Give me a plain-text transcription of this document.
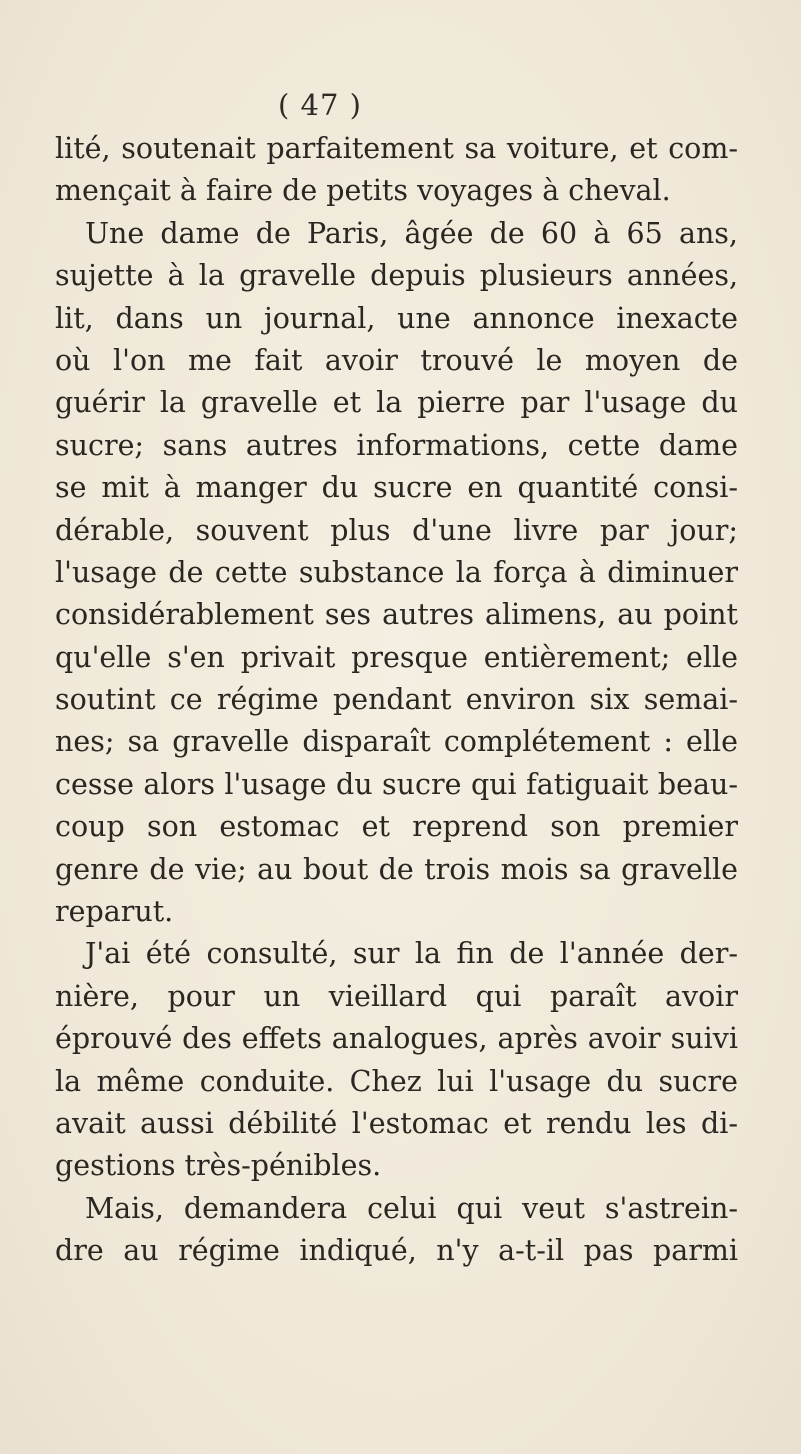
( 47 )
lité, soutenait parfaitement sa voiture, et com-
mençait à faire de petits voyages à cheval.
Une dame de Paris, âgée de 60 à 65 ans,
sujette à la gravelle depuis plusieurs années,
lit, dans un journal, une annonce inexacte
où l'on me fait avoir trouvé le moyen de
guérir la gravelle et la pierre par l'usage du
sucre; sans autres informations, cette dame
se mit à manger du sucre en quantité consi-
dérable, souvent plus d'une livre par jour;
l'usage de cette substance la força à diminuer
considérablement ses autres alimens, au point
qu'elle s'en privait presque entièrement; elle
soutint ce régime pendant environ six semai-
nes; sa gravelle disparaît complétement : elle
cesse alors l'usage du sucre qui fatiguait beau-
coup son estomac et reprend son premier
genre de vie; au bout de trois mois sa gravelle
reparut.
J'ai été consulté, sur la fin de l'année der-
nière, pour un vieillard qui paraît avoir
éprouvé des effets analogues, après avoir suivi
la même conduite. Chez lui l'usage du sucre
avait aussi débilité l'estomac et rendu les di-
gestions très-pénibles.
Mais, demandera celui qui veut s'astrein-
dre au régime indiqué, n'y a-t-il pas parmi
